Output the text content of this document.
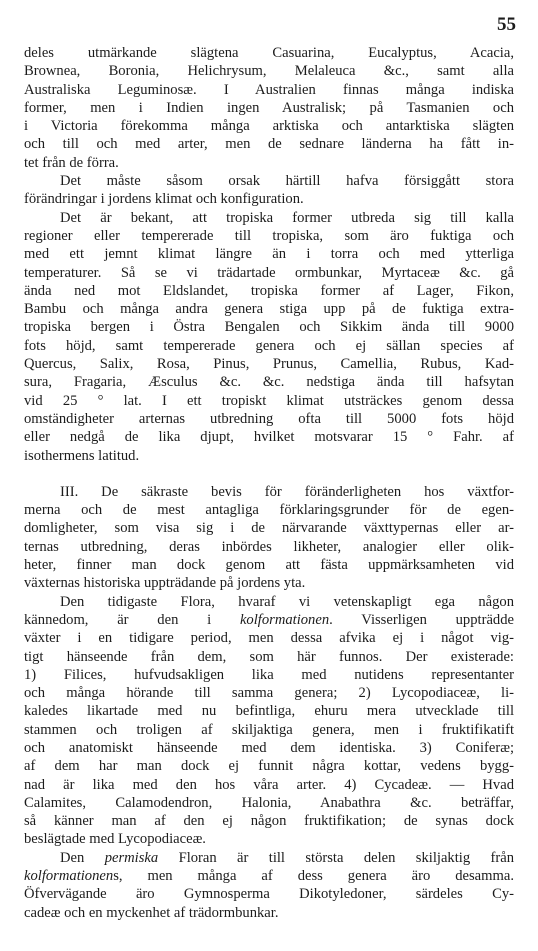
55
deles utmärkande slägtena Casuarina, Eucalyptus, Acacia,
Brownea, Boronia, Helichrysum, Melaleuca &c., samt alla
Australiska Leguminosæ. I Australien finnas många indiska
former, men i Indien ingen Australisk; på Tasmanien och
i Victoria förekomma många arktiska och antarktiska slägten
och till och med arter, men de sednare länderna ha fått in-
tet från de förra.
Det måste såsom orsak härtill hafva försiggått stora
förändringar i jordens klimat och konfiguration.
Det är bekant, att tropiska former utbreda sig till kalla
regioner eller tempererade till tropiska, som äro fuktiga och
med ett jemnt klimat längre än i torra och med ytterliga
temperaturer. Så se vi trädartade ormbunkar, Myrtaceæ &c. gå
ända ned mot Eldslandet, tropiska former af Lager, Fikon,
Bambu och många andra genera stiga upp på de fuktiga extra-
tropiska bergen i Östra Bengalen och Sikkim ända till 9000
fots höjd, samt tempererade genera och ej sällan species af
Quercus, Salix, Rosa, Pinus, Prunus, Camellia, Rubus, Kad-
sura, Fragaria, Æsculus &c. &c. nedstiga ända till hafsytan
vid 25 ° lat. I ett tropiskt klimat utsträckes genom dessa
omständigheter arternas utbredning ofta till 5000 fots höjd
eller nedgå de lika djupt, hvilket motsvarar 15 ° Fahr. af
isothermens latitud.
III. De säkraste bevis för föränderligheten hos växtfor-
merna och de mest antagliga förklaringsgrunder för de egen-
domligheter, som visa sig i de närvarande växttypernas eller ar-
ternas utbredning, deras inbördes likheter, analogier eller olik-
heter, finner man dock genom att fästa uppmärksamheten vid
växternas historiska uppträdande på jordens yta.
Den tidigaste Flora, hvaraf vi vetenskapligt ega någon
kännedom, är den i kolformationen. Visserligen uppträdde
växter i en tidigare period, men dessa afvika ej i något vig-
tigt hänseende från dem, som här funnos. Der existerade:
1) Filices, hufvudsakligen lika med nutidens representanter
och många hörande till samma genera; 2) Lycopodiaceæ, li-
kaledes likartade med nu befintliga, ehuru mera utvecklade till
stammen och troligen af skiljaktiga genera, men i fruktifikatift
och anatomiskt hänseende med dem identiska. 3) Coniferæ;
af dem har man dock ej funnit några kottar, vedens bygg-
nad är lika med den hos våra arter. 4) Cycadeæ. — Hvad
Calamites, Calamodendron, Halonia, Anabathra &c. beträffar,
så känner man af den ej någon fruktifikation; de synas dock
beslägtade med Lycopodiaceæ.
Den permiska Floran är till största delen skiljaktig från
kolformationens, men många af dess genera äro desamma.
Öfvervägande äro Gymnosperma Dikotyledoner, särdeles Cy-
cadeæ och en myckenhet af trädormbunkar.
